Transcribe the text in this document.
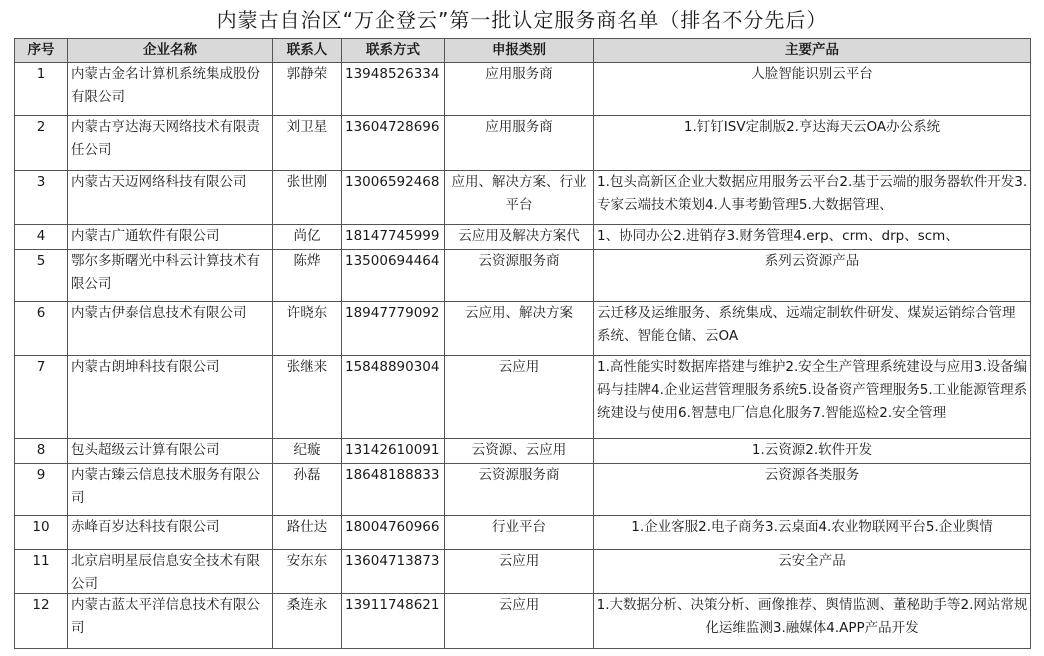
内蒙古自治区“万企登云”第一批认定服务商名单（排名不分先后）
序号	企业名称	联系人	联系方式	申报类别	主要产品

1	内蒙古金名计算机系统集成股份有限公司	郭静荣	13948526334	应用服务商	人脸智能识别云平台

2	内蒙古亨达海天网络技术有限责任公司	刘卫星	13604728696	应用服务商	1.钉钉ISV定制版2.亨达海天云OA办公系统

3	内蒙古天迈网络科技有限公司	张世刚	13006592468	应用、解决方案、行业平台	1.包头高新区企业大数据应用服务云平台2.基于云端的服务器软件开发3.专家云端技术策划4.人事考勤管理5.大数据管理、

4	内蒙古广通软件有限公司	尚亿	18147745999	云应用及解决方案代	1、协同办公2.进销存3.财务管理4.erp、crm、drp、scm、

5	鄂尔多斯曙光中科云计算技术有限公司	陈烨	13500694464	云资源服务商	系列云资源产品

6	内蒙古伊泰信息技术有限公司	许晓东	18947779092	云应用、解决方案	云迁移及运维服务、系统集成、远端定制软件研发、煤炭运销综合管理系统、智能仓储、云OA

7	内蒙古朗坤科技有限公司	张继来	15848890304	云应用	1.高性能实时数据库搭建与维护2.安全生产管理系统建设与应用3.设备编码与挂牌4.企业运营管理服务系统5.设备资产管理服务5.工业能源管理系统建设与使用6.智慧电厂信息化服务7.智能巡检2.安全管理

8	包头超级云计算有限公司	纪璇	13142610091	云资源、云应用	1.云资源2.软件开发

9	内蒙古臻云信息技术服务有限公司	孙磊	18648188833	云资源服务商	云资源各类服务

10	赤峰百岁达科技有限公司	路仕达	18004760966	行业平台	1.企业客服2.电子商务3.云桌面4.农业物联网平台5.企业舆情

11	北京启明星辰信息安全技术有限公司	安东东	13604713873	云应用	云安全产品

12	内蒙古蓝太平洋信息技术有限公司	桑连永	13911748621	云应用	1.大数据分析、决策分析、画像推荐、舆情监测、董秘助手等2.网站常规化运维监测3.融媒体4.APP产品开发
